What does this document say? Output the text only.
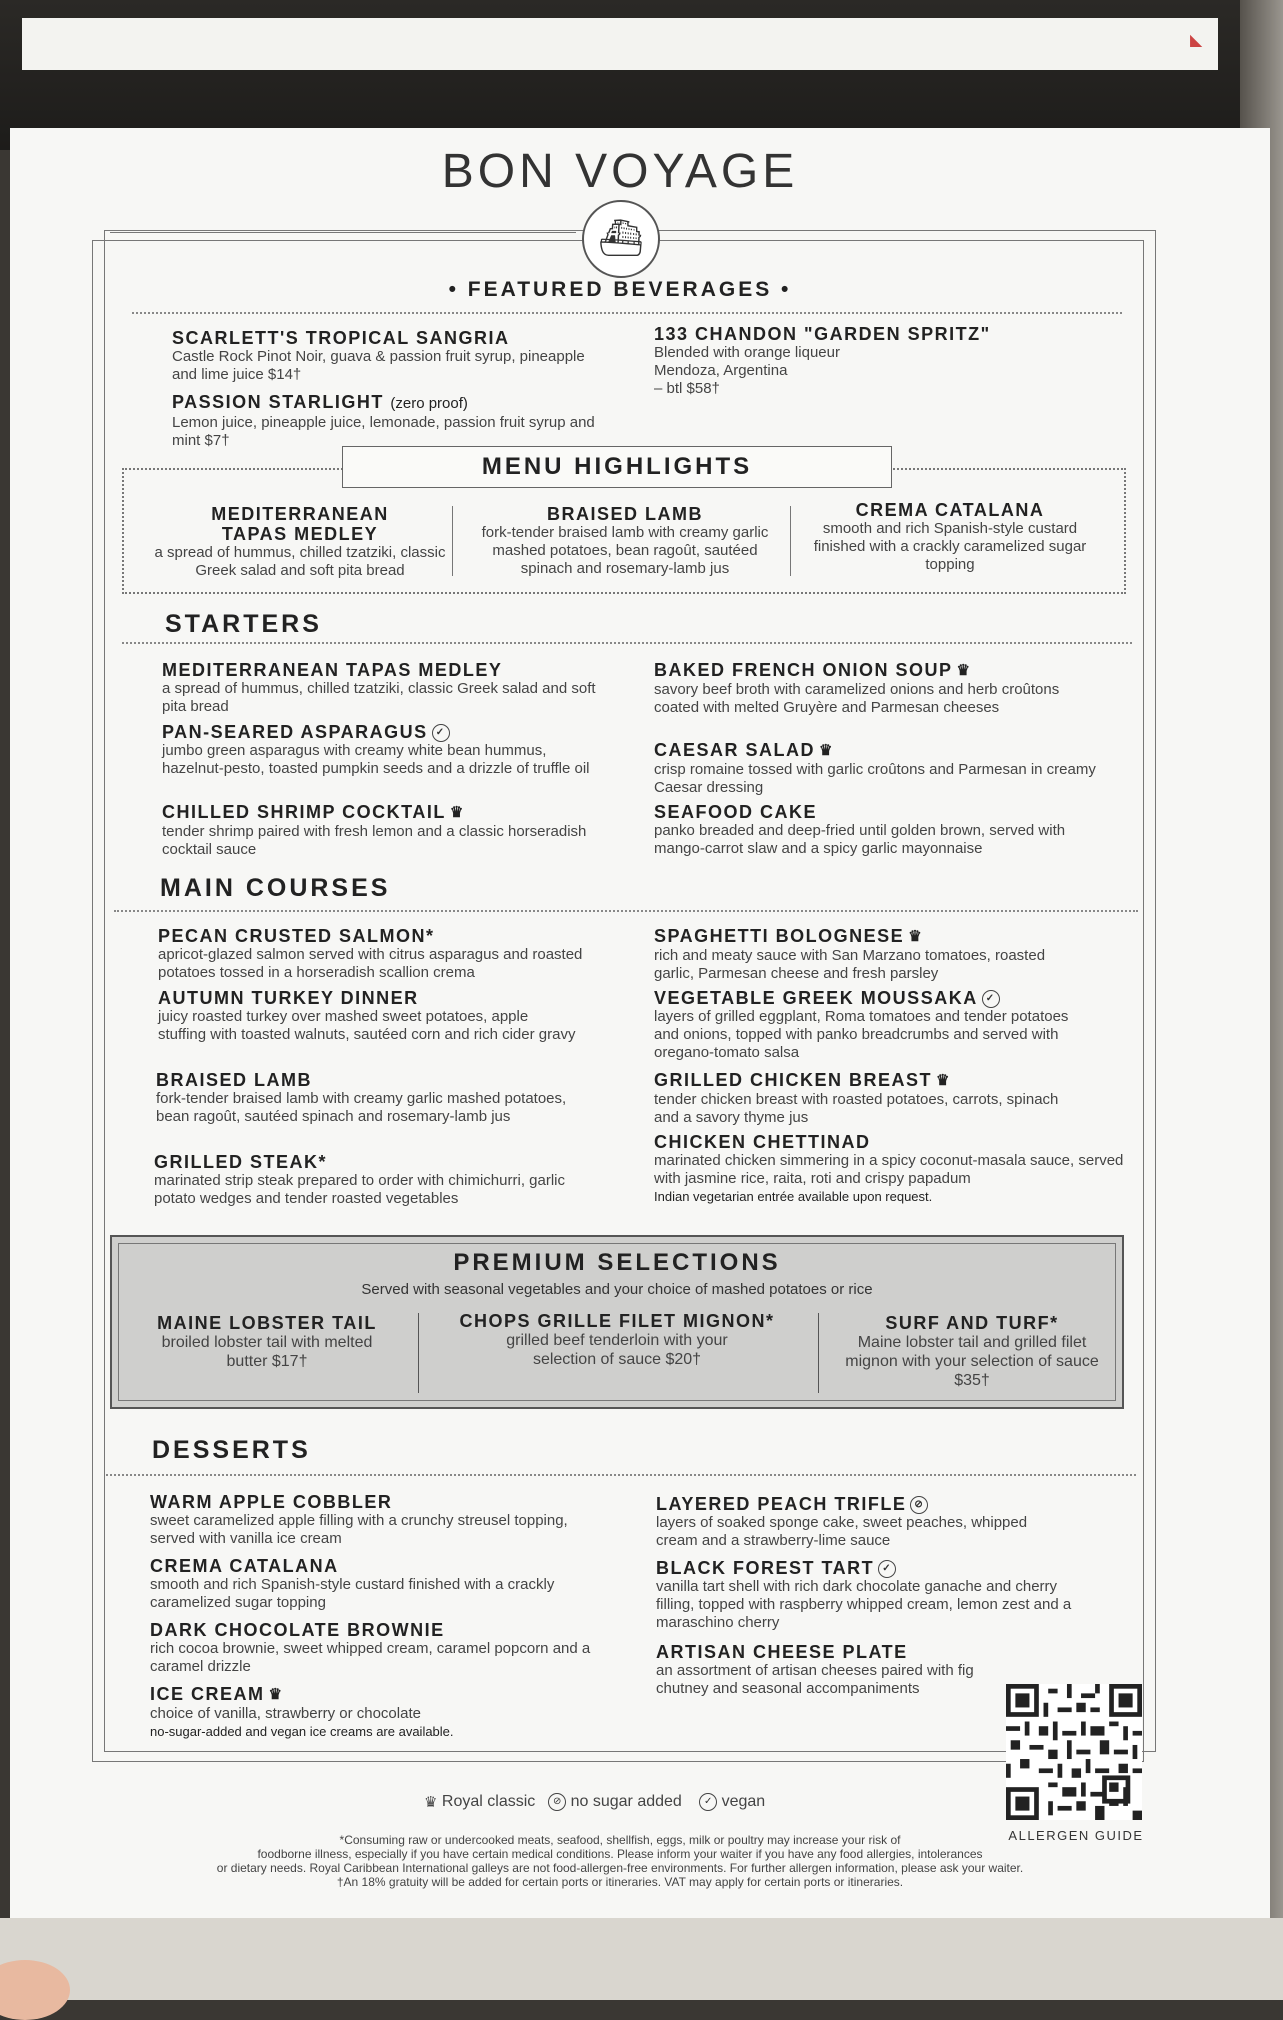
◣
BON VOYAGE
⛴
• FEATURED BEVERAGES •

SCARLETT'S TROPICAL SANGRIA

Castle Rock Pinot Noir, guava & passion fruit syrup, pineapple and lime juice $14†

PASSION STARLIGHT (zero proof)

Lemon juice, pineapple juice, lemonade, passion fruit syrup and mint $7†

133 CHANDON "GARDEN SPRITZ"

Blended with orange liqueur

Mendoza, Argentina

– btl $58†

MENU HIGHLIGHTS

MEDITERRANEAN TAPAS MEDLEY

a spread of hummus, chilled tzatziki, classic Greek salad and soft pita bread

BRAISED LAMB

fork-tender braised lamb with creamy garlic mashed potatoes, bean ragoût, sautéed spinach and rosemary-lamb jus

CREMA CATALANA

smooth and rich Spanish-style custard finished with a crackly caramelized sugar topping

STARTERS

MEDITERRANEAN TAPAS MEDLEY

a spread of hummus, chilled tzatziki, classic Greek salad and soft pita bread

PAN-SEARED ASPARAGUS ✓

jumbo green asparagus with creamy white bean hummus, hazelnut-pesto, toasted pumpkin seeds and a drizzle of truffle oil

CHILLED SHRIMP COCKTAIL ♛

tender shrimp paired with fresh lemon and a classic horseradish cocktail sauce

BAKED FRENCH ONION SOUP ♛

savory beef broth with caramelized onions and herb croûtons coated with melted Gruyère and Parmesan cheeses

CAESAR SALAD ♛

crisp romaine tossed with garlic croûtons and Parmesan in creamy Caesar dressing

SEAFOOD CAKE

panko breaded and deep-fried until golden brown, served with mango-carrot slaw and a spicy garlic mayonnaise

MAIN COURSES

PECAN CRUSTED SALMON*

apricot-glazed salmon served with citrus asparagus and roasted potatoes tossed in a horseradish scallion crema

AUTUMN TURKEY DINNER

juicy roasted turkey over mashed sweet potatoes, apple stuffing with toasted walnuts, sautéed corn and rich cider gravy

BRAISED LAMB

fork-tender braised lamb with creamy garlic mashed potatoes, bean ragoût, sautéed spinach and rosemary-lamb jus

GRILLED STEAK*

marinated strip steak prepared to order with chimichurri, garlic potato wedges and tender roasted vegetables

SPAGHETTI BOLOGNESE ♛

rich and meaty sauce with San Marzano tomatoes, roasted garlic, Parmesan cheese and fresh parsley

VEGETABLE GREEK MOUSSAKA ✓

layers of grilled eggplant, Roma tomatoes and tender potatoes and onions, topped with panko breadcrumbs and served with oregano-tomato salsa

GRILLED CHICKEN BREAST ♛

tender chicken breast with roasted potatoes, carrots, spinach and a savory thyme jus

CHICKEN CHETTINAD

marinated chicken simmering in a spicy coconut-masala sauce, served with jasmine rice, raita, roti and crispy papadum

Indian vegetarian entrée available upon request.

PREMIUM SELECTIONS
Served with seasonal vegetables and your choice of mashed potatoes or rice

MAINE LOBSTER TAIL

broiled lobster tail with melted butter $17†

CHOPS GRILLE FILET MIGNON*

grilled beef tenderloin with your selection of sauce $20†

SURF AND TURF*

Maine lobster tail and grilled filet mignon with your selection of sauce $35†

DESSERTS

WARM APPLE COBBLER

sweet caramelized apple filling with a crunchy streusel topping, served with vanilla ice cream

CREMA CATALANA

smooth and rich Spanish-style custard finished with a crackly caramelized sugar topping

DARK CHOCOLATE BROWNIE

rich cocoa brownie, sweet whipped cream, caramel popcorn and a caramel drizzle

ICE CREAM ♛

choice of vanilla, strawberry or chocolate

no-sugar-added and vegan ice creams are available.

LAYERED PEACH TRIFLE ⊘

layers of soaked sponge cake, sweet peaches, whipped cream and a strawberry-lime sauce

BLACK FOREST TART ✓

vanilla tart shell with rich dark chocolate ganache and cherry filling, topped with raspberry whipped cream, lemon zest and a maraschino cherry

ARTISAN CHEESE PLATE

an assortment of artisan cheeses paired with fig chutney and seasonal accompaniments

ALLERGEN GUIDE
♛ Royal classic ⊘ no sugar added ✓ vegan
*Consuming raw or undercooked meats, seafood, shellfish, eggs, milk or poultry may increase your risk of
foodborne illness, especially if you have certain medical conditions. Please inform your waiter if you have any food allergies, intolerances
or dietary needs. Royal Caribbean International galleys are not food-allergen-free environments. For further allergen information, please ask your waiter.
†An 18% gratuity will be added for certain ports or itineraries. VAT may apply for certain ports or itineraries.
